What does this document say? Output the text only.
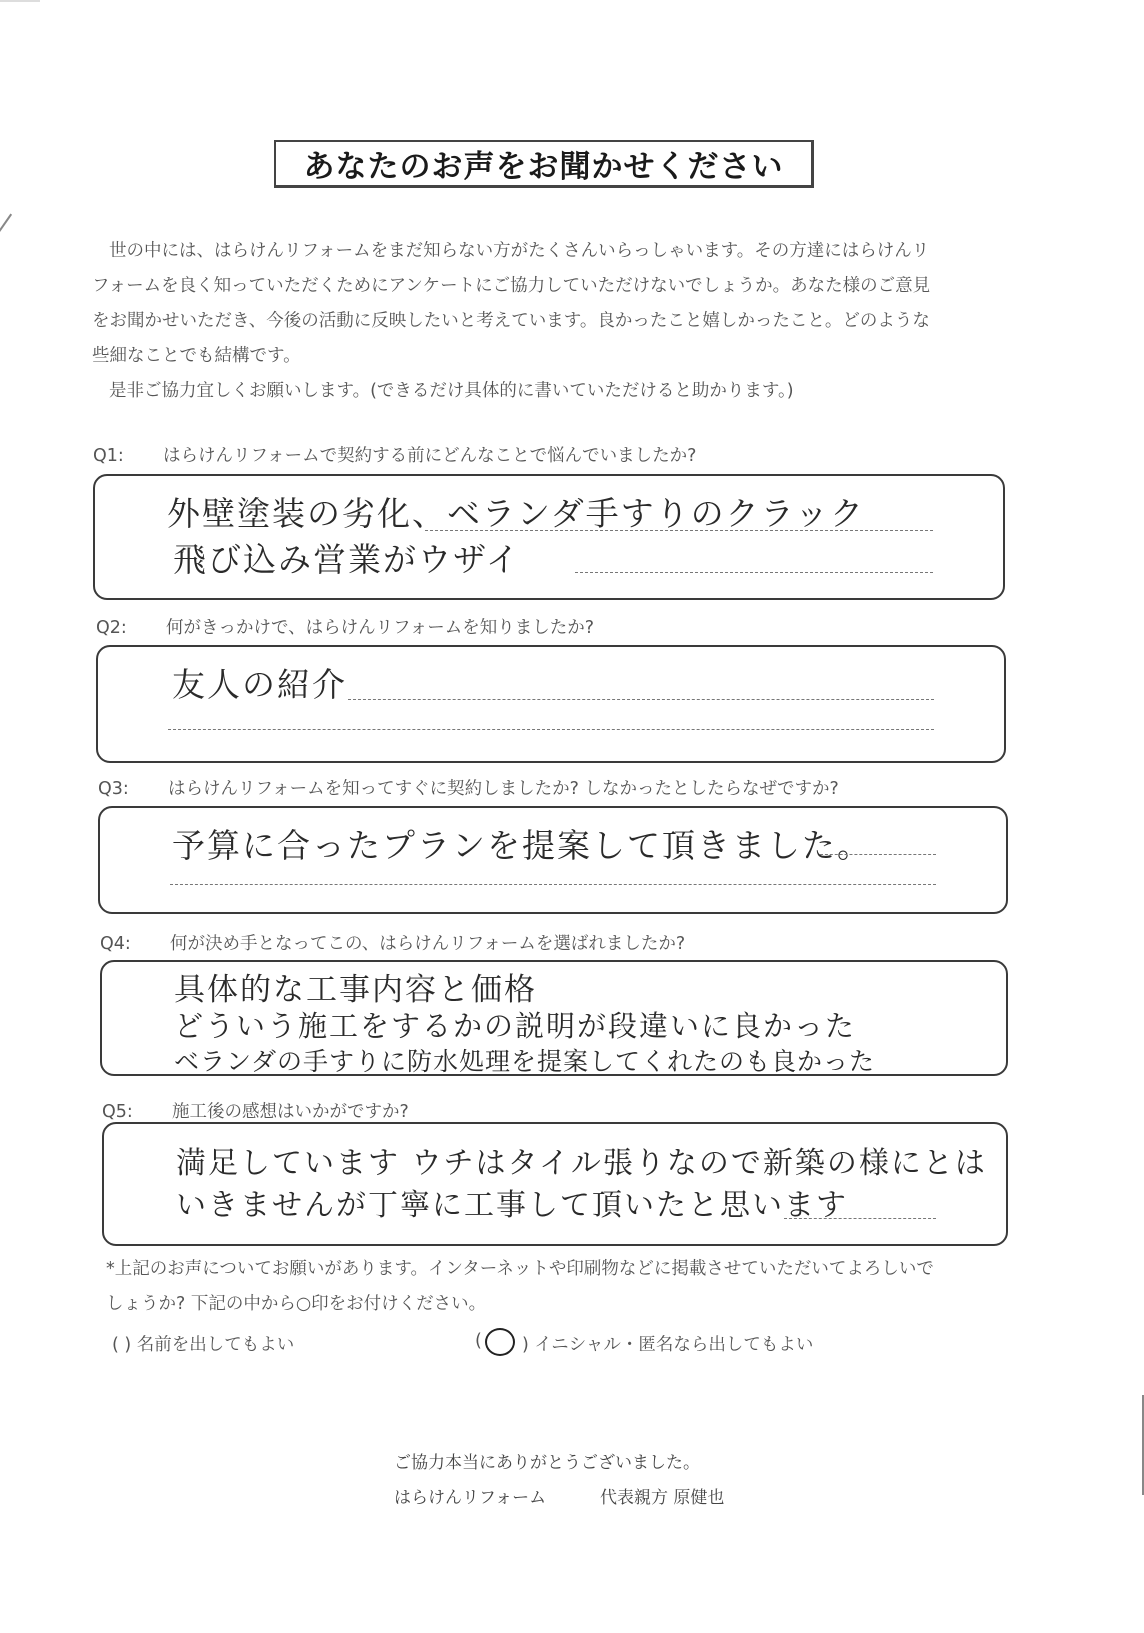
あなたのお声をお聞かせください

世の中には、はらけんリフォームをまだ知らない方がたくさんいらっしゃいます。その方達にはらけんリ

フォームを良く知っていただくためにアンケートにご協力していただけないでしょうか。あなた様のご意見

をお聞かせいただき、今後の活動に反映したいと考えています。良かったこと嬉しかったこと。どのような

些細なことでも結構です。

是非ご協力宜しくお願いします。(できるだけ具体的に書いていただけると助かります。)

Q1: はらけんリフォームで契約する前にどんなことで悩んでいましたか?
外壁塗装の劣化、ベランダ手すりのクラック
飛び込み営業がウザイ
Q2: 何がきっかけで、はらけんリフォームを知りましたか?
友人の紹介
Q3: はらけんリフォームを知ってすぐに契約しましたか? しなかったとしたらなぜですか?
予算に合ったプランを提案して頂きました。
Q4: 何が決め手となってこの、はらけんリフォームを選ばれましたか?
具体的な工事内容と価格
どういう施工をするかの説明が段違いに良かった
ベランダの手すりに防水処理を提案してくれたのも良かった
Q5: 施工後の感想はいかがですか?
満足しています ウチはタイル張りなので新築の様にとは
いきませんが丁寧に工事して頂いたと思います

*上記のお声についてお願いがあります。インターネットや印刷物などに掲載させていただいてよろしいで

しょうか? 下記の中から○印をお付けください。

( ) 名前を出してもよい	( ) イニシャル・匿名なら出してもよい
ご協力本当にありがとうございました。
はらけんリフォーム	代表親方 原健也
